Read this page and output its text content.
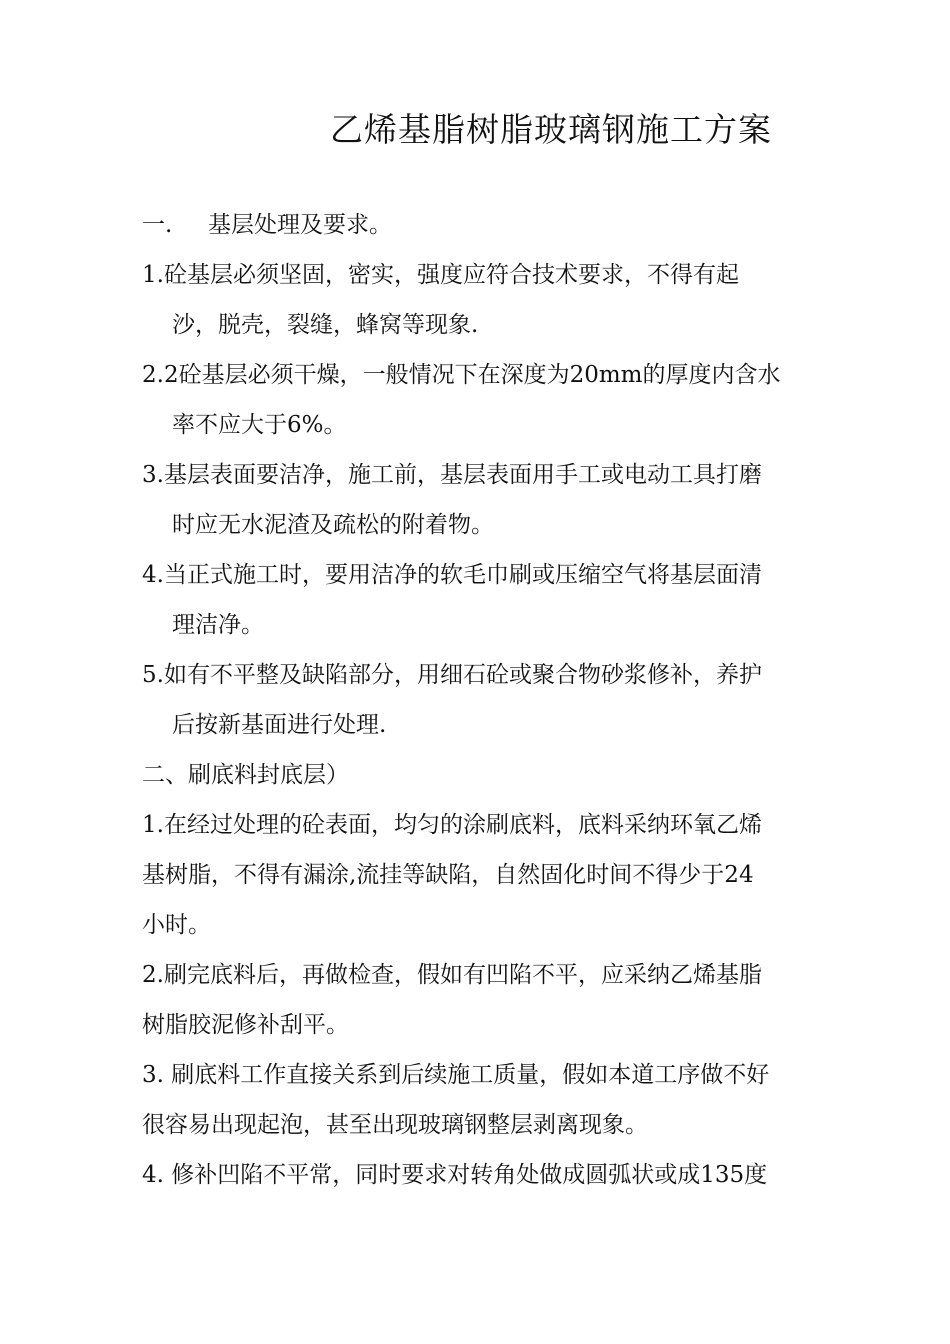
乙烯基脂树脂玻璃钢施工方案
一. 基层处理及要求。
1.砼基层必须坚固，密实，强度应符合技术要求，不得有起
沙，脱壳，裂缝，蜂窝等现象.
2.2砼基层必须干燥，一般情况下在深度为20mm的厚度内含水
率不应大于6%。
3.基层表面要洁净，施工前，基层表面用手工或电动工具打磨
时应无水泥渣及疏松的附着物。
4.当正式施工时，要用洁净的软毛巾刷或压缩空气将基层面清
理洁净。
5.如有不平整及缺陷部分，用细石砼或聚合物砂浆修补，养护
后按新基面进行处理.
二、刷底料封底层）
1.在经过处理的砼表面，均匀的涂刷底料，底料采纳环氧乙烯
基树脂，不得有漏涂,流挂等缺陷，自然固化时间不得少于24
小时。
2.刷完底料后，再做检查，假如有凹陷不平，应采纳乙烯基脂
树脂胶泥修补刮平。
3. 刷底料工作直接关系到后续施工质量，假如本道工序做不好
很容易出现起泡，甚至出现玻璃钢整层剥离现象。
4. 修补凹陷不平常，同时要求对转角处做成圆弧状或成135度
